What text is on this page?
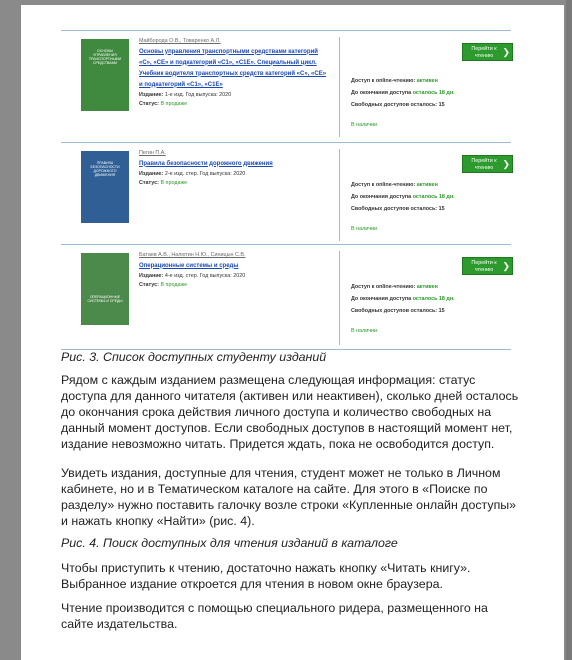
ОСНОВЫ УПРАВЛЕНИЯ ТРАНСПОРТНЫМИ СРЕДСТВАМИ
Майборода О.В., Товаренко А.Л.
Основы управления транспортными средствами категорий «С», «СЕ» и подкатегорий «С1», «С1Е». Специальный цикл. Учебник водителя транспортных средств категорий «С», «СЕ» и подкатегорий «С1», «С1Е»
Издание: 1-е изд. Год выпуска: 2020
Статус: В продаже
Доступ к online-чтению: активен
До окончания доступа осталось 18 дн.
Свободных доступов осталось: 15
В наличии
Перейти к чтению ❯
ПРАВИЛА БЕЗОПАСНОСТИ ДОРОЖНОГО ДВИЖЕНИЯ
Пегин П.А.
Правила безопасности дорожного движения
Издание: 2-е изд. стер. Год выпуска: 2020
Статус: В продаже	Доступ к online-чтению: активен
До окончания доступа осталось 18 дн.
Свободных доступов осталось: 15
В наличии
Перейти к чтению ❯
ОПЕРАЦИОННЫЕ СИСТЕМЫ И СРЕДЫ
Батаев А.В., Налютин Н.Ю., Синицын С.В.
Операционные системы и среды
Издание: 4-е изд. стер. Год выпуска: 2020
Статус: В продаже	Доступ к online-чтению: активен
До окончания доступа осталось 18 дн.
Свободных доступов осталось: 15
В наличии
Перейти к чтению ❯
Рис. 3. Список доступных студенту изданий
Рядом с каждым изданием размещена следующая информация: статус доступа для данного читателя (активен или неактивен), сколько дней осталось до окончания срока действия личного доступа и количество свободных на данный момент доступов. Если свободных доступов в настоящий момент нет, издание невозможно читать. Придется ждать, пока не освободится доступ.
Увидеть издания, доступные для чтения, студент может не только в Личном кабинете, но и в Тематическом каталоге на сайте. Для этого в «Поиске по разделу» нужно поставить галочку возле строки «Купленные онлайн доступы» и нажать кнопку «Найти» (рис. 4).
Рис. 4. Поиск доступных для чтения изданий в каталоге
Чтобы приступить к чтению, достаточно нажать кнопку «Читать книгу». Выбранное издание откроется для чтения в новом окне браузера.
Чтение производится с помощью специального ридера, размещенного на сайте издательства.
